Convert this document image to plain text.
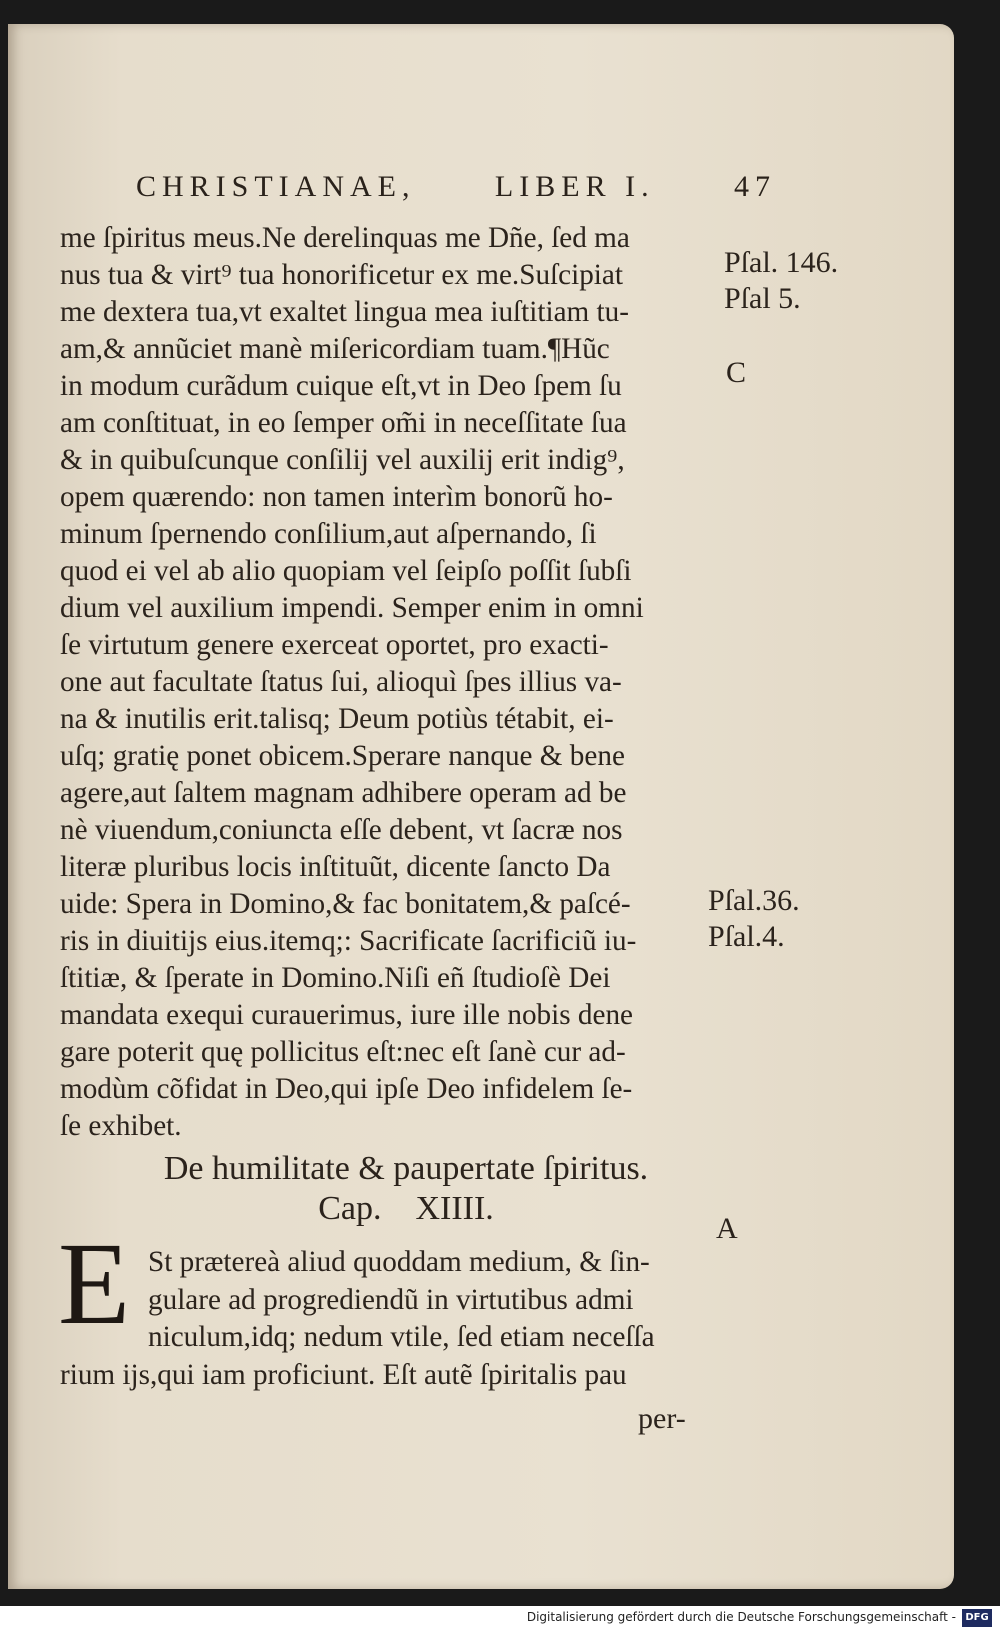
CHRISTIANAE,	LIBER I.	47
me ſpiritus meus.Ne derelinquas me Dñe, ſed ma
nus tua & virt⁹ tua honorificetur ex me.Suſcipiat
me dextera tua,vt exaltet lingua mea iuſtitiam tu-
am,& annũciet manè miſericordiam tuam.¶Hũc
in modum curãdum cuique eſt,vt in Deo ſpem ſu
am conſtituat, in eo ſemper om̃i in neceſſitate ſua
& in quibuſcunque conſilij vel auxilij erit indig⁹,
opem quærendo: non tamen interìm bonorũ ho-
minum ſpernendo conſilium,aut aſpernando, ſi
quod ei vel ab alio quopiam vel ſeipſo poſſit ſubſi
dium vel auxilium impendi. Semper enim in omni
ſe virtutum genere exerceat oportet, pro exacti-
one aut facultate ſtatus ſui, alioquì ſpes illius va-
na & inutilis erit.talisq; Deum potiùs tétabit, ei-
uſq; gratię ponet obicem.Sperare nanque & bene
agere,aut ſaltem magnam adhibere operam ad be
nè viuendum,coniuncta eſſe debent, vt ſacræ nos
literæ pluribus locis inſtituũt, dicente ſancto Da
uide: Spera in Domino,& fac bonitatem,& paſcé-
ris in diuitijs eius.itemq;: Sacrificate ſacrificiũ iu-
ſtitiæ, & ſperate in Domino.Niſi eñ ſtudioſè Dei
mandata exequi curauerimus, iure ille nobis dene
gare poterit quę pollicitus eſt:nec eſt ſanè cur ad-
modùm cõfidat in Deo,qui ipſe Deo infidelem ſe-
ſe exhibet.
Pſal. 146.
Pſal 5.
C
Pſal.36.
Pſal.4.
A
De humilitate & paupertate ſpiritus.
Cap.    XIIII.
E St prætereà aliud quoddam medium, & ſin-
gulare ad progrediendũ in virtutibus admi
niculum,idq; nedum vtile, ſed etiam neceſſa
rium ijs,qui iam proficiunt. Eſt autẽ ſpiritalis pau
per-
Digitalisierung gefördert durch die Deutsche Forschungsgemeinschaft - DFG
